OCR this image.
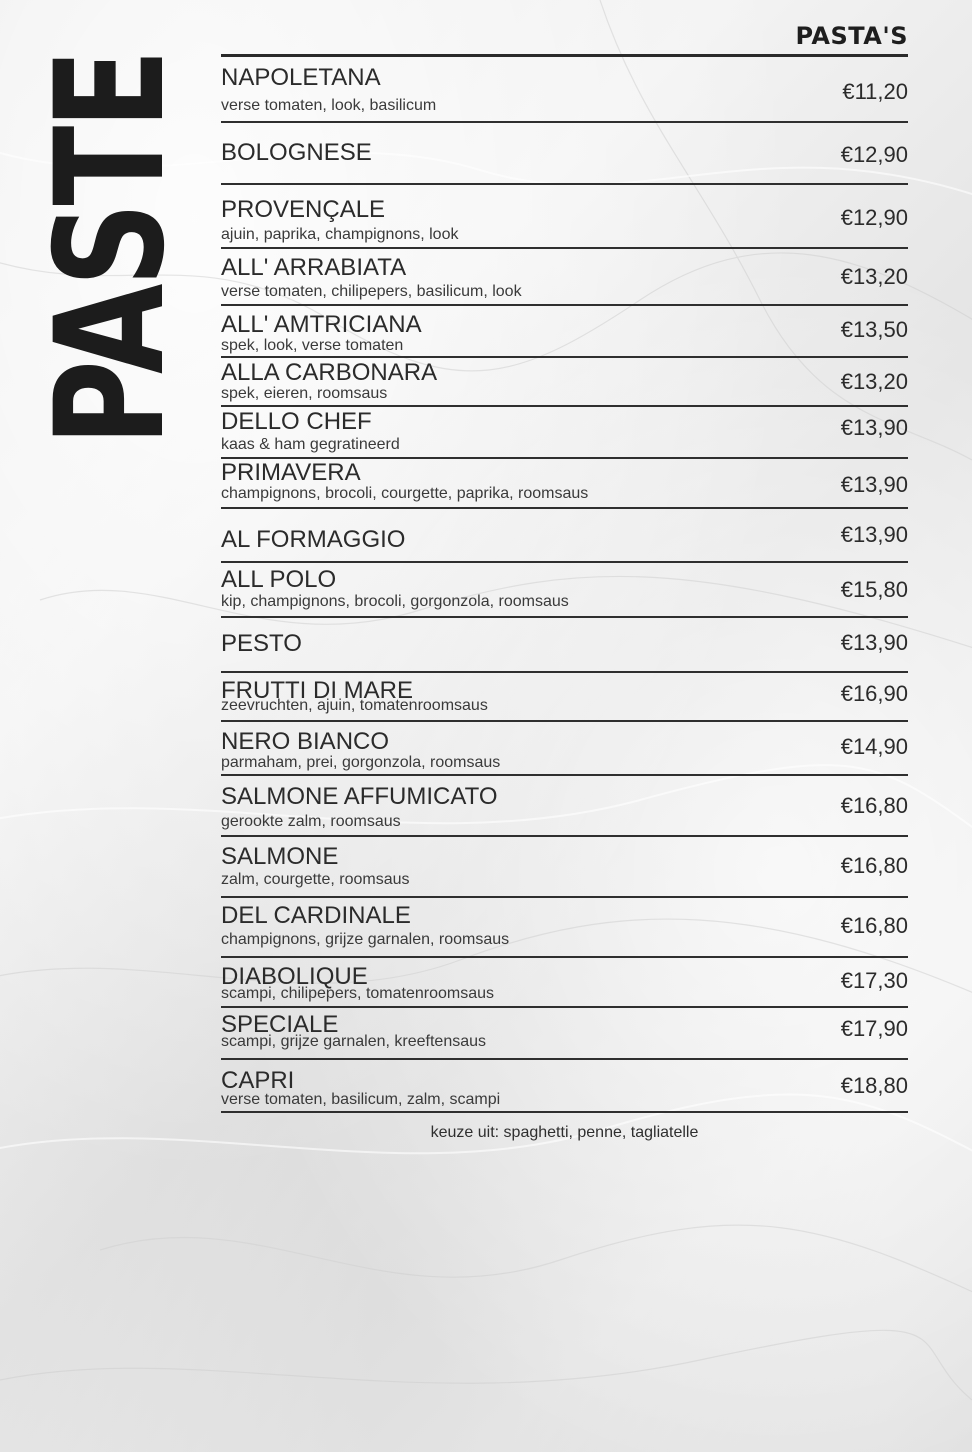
PASTE
PASTA'S
NAPOLETANA
verse tomaten, look, basilicum
€11,20
BOLOGNESE	€12,90
PROVENÇALE
ajuin, paprika, champignons, look
€12,90
ALL' ARRABIATA
verse tomaten, chilipepers, basilicum, look
€13,20
ALL' AMTRICIANA
spek, look, verse tomaten
€13,50
ALLA CARBONARA
spek, eieren, roomsaus	€13,20
DELLO CHEF
kaas & ham gegratineerd
€13,90
PRIMAVERA
champignons, brocoli, courgette, paprika, roomsaus	€13,90
AL FORMAGGIO	€13,90
ALL POLO
kip, champignons, brocoli, gorgonzola, roomsaus	€15,80
PESTO	€13,90
FRUTTI DI MARE
zeevruchten, ajuin, tomatenroomsaus	€16,90
NERO BIANCO
parmaham, prei, gorgonzola, roomsaus
€14,90
SALMONE AFFUMICATO
gerookte zalm, roomsaus
€16,80
SALMONE
zalm, courgette, roomsaus
€16,80
DEL CARDINALE
champignons, grijze garnalen, roomsaus
€16,80
DIABOLIQUE
scampi, chilipepers, tomatenroomsaus
€17,30
SPECIALE
scampi, grijze garnalen, kreeftensaus
€17,90
CAPRI
verse tomaten, basilicum, zalm, scampi
€18,80
keuze uit: spaghetti, penne, tagliatelle
